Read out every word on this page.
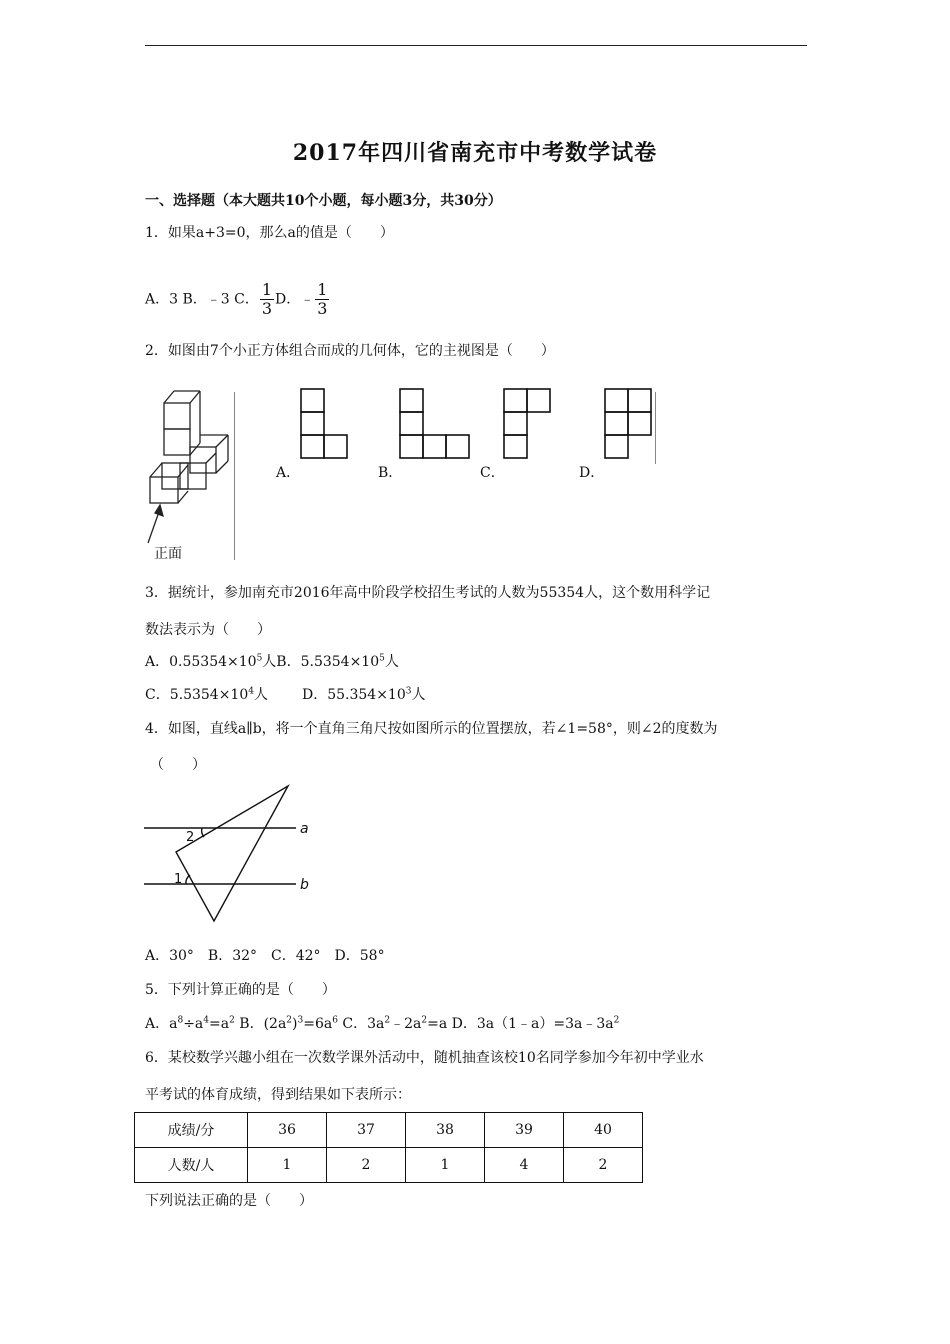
2017年四川省南充市中考数学试卷
一、选择题（本大题共10个小题，每小题3分，共30分）
1．如果a+3=0，那么a的值是（　　）
A．3 B．﹣3 C． $\frac{1}{3}$ D．﹣ $\frac{1}{3}$
2．如图由7个小正方体组合而成的几何体，它的主视图是（　　）
正面
A．	B．	C．	D．
3．据统计，参加南充市2016年高中阶段学校招生考试的人数为55354人，这个数用科学记
数法表示为（　　）
A．$0.55354\times 10^5$人B．$5.5354\times 10^5$人
C．$5.5354\times 10^4$人 D．$55.354\times 10^3$人
4．如图，直线a∥b，将一个直角三角尺按如图所示的位置摆放，若∠1=58°，则∠2的度数为
（　　）
a
b
2
1
A．30°　B．32°　C．42°　D．58°
5．下列计算正确的是（　　）
A．$a^8\div a^4=a^2$ B．$(2a^2)^3=6a^6$ C．$3a^2﹣2a^2=a$ D．$3a(1﹣a)=3a﹣3a^2$
6．某校数学兴趣小组在一次数学课外活动中，随机抽查该校10名同学参加今年初中学业水
平考试的体育成绩，得到结果如下表所示：
成绩/分	36	37	38	39	40
人数/人	1	2	1	4	2
下列说法正确的是（　　）
